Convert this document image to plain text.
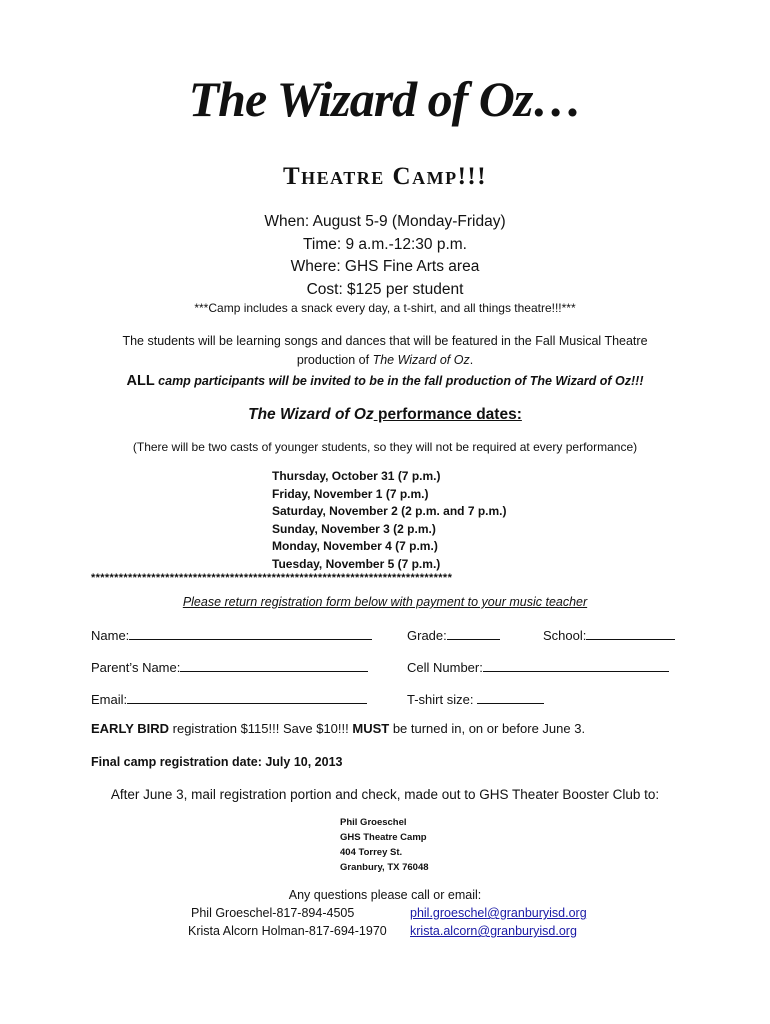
The Wizard of Oz…
Theatre Camp!!!
When: August 5-9 (Monday-Friday)
Time: 9 a.m.-12:30 p.m.
Where: GHS Fine Arts area
Cost: $125 per student
***Camp includes a snack every day, a t-shirt, and all things theatre!!!***
The students will be learning songs and dances that will be featured in the Fall Musical Theatre
production of The Wizard of Oz.
ALL camp participants will be invited to be in the fall production of The Wizard of Oz!!!
The Wizard of Oz performance dates:
(There will be two casts of younger students, so they will not be required at every performance)
Thursday, October 31 (7 p.m.)
Friday, November 1 (7 p.m.)
Saturday, November 2 (2 p.m. and 7 p.m.)
Sunday, November 3 (2 p.m.)
Monday, November 4 (7 p.m.)
Tuesday, November 5 (7 p.m.)
******************************************************************************
Please return registration form below with payment to your music teacher
Name:	Grade:	School:
Parent’s Name:	Cell Number:
Email:	T-shirt size:
EARLY BIRD registration $115!!! Save $10!!! MUST be turned in, on or before June 3.
Final camp registration date: July 10, 2013
After June 3, mail registration portion and check, made out to GHS Theater Booster Club to:
Phil Groeschel
GHS Theatre Camp
404 Torrey St.
Granbury, TX 76048
Any questions please call or email:
Phil Groeschel-817-894-4505	phil.groeschel@granburyisd.org
Krista Alcorn Holman-817-694-1970 krista.alcorn@granburyisd.org
